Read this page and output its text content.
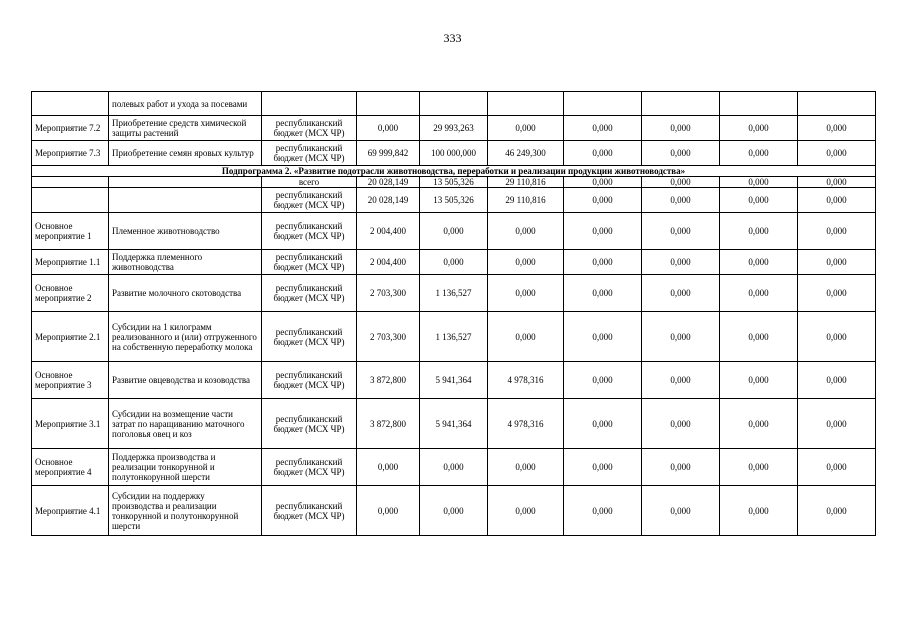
333
	полевых работ и ухода за посевами								
Мероприятие 7.2	Приобретение средств химической защиты растений	республиканский бюджет (МСХ ЧР)	0,000	29 993,263	0,000	0,000	0,000	0,000	0,000
Мероприятие 7.3	Приобретение семян яровых культур	республиканский бюджет (МСХ ЧР)	69 999,842	100 000,000	46 249,300	0,000	0,000	0,000	0,000
Подпрограмма 2. «Развитие подотрасли животноводства, переработки и реализации продукции животноводства»									
		всего	20 028,149	13 505,326	29 110,816	0,000	0,000	0,000	0,000
		республиканский бюджет (МСХ ЧР)	20 028,149	13 505,326	29 110,816	0,000	0,000	0,000	0,000
Основное мероприятие 1	Племенное животноводство	республиканский бюджет (МСХ ЧР)	2 004,400	0,000	0,000	0,000	0,000	0,000	0,000
Мероприятие 1.1	Поддержка племенного животноводства	республиканский бюджет (МСХ ЧР)	2 004,400	0,000	0,000	0,000	0,000	0,000	0,000
Основное мероприятие 2	Развитие молочного скотоводства	республиканский бюджет (МСХ ЧР)	2 703,300	1 136,527	0,000	0,000	0,000	0,000	0,000
Мероприятие 2.1	Субсидии на 1 килограмм реализованного и (или) отгруженного на собственную переработку молока	республиканский бюджет (МСХ ЧР)	2 703,300	1 136,527	0,000	0,000	0,000	0,000	0,000
Основное мероприятие 3	Развитие овцеводства и козоводства	республиканский бюджет (МСХ ЧР)	3 872,800	5 941,364	4 978,316	0,000	0,000	0,000	0,000
Мероприятие 3.1	Субсидии на возмещение части затрат по наращиванию маточного поголовья овец и коз	республиканский бюджет (МСХ ЧР)	3 872,800	5 941,364	4 978,316	0,000	0,000	0,000	0,000
Основное мероприятие 4	Поддержка производства и реализации тонкорунной и полутонкорунной шерсти	республиканский бюджет (МСХ ЧР)	0,000	0,000	0,000	0,000	0,000	0,000	0,000
Мероприятие 4.1	Субсидии на поддержку производства и реализации тонкорунной и полутонкорунной шерсти	республиканский бюджет (МСХ ЧР)	0,000	0,000	0,000	0,000	0,000	0,000	0,000
